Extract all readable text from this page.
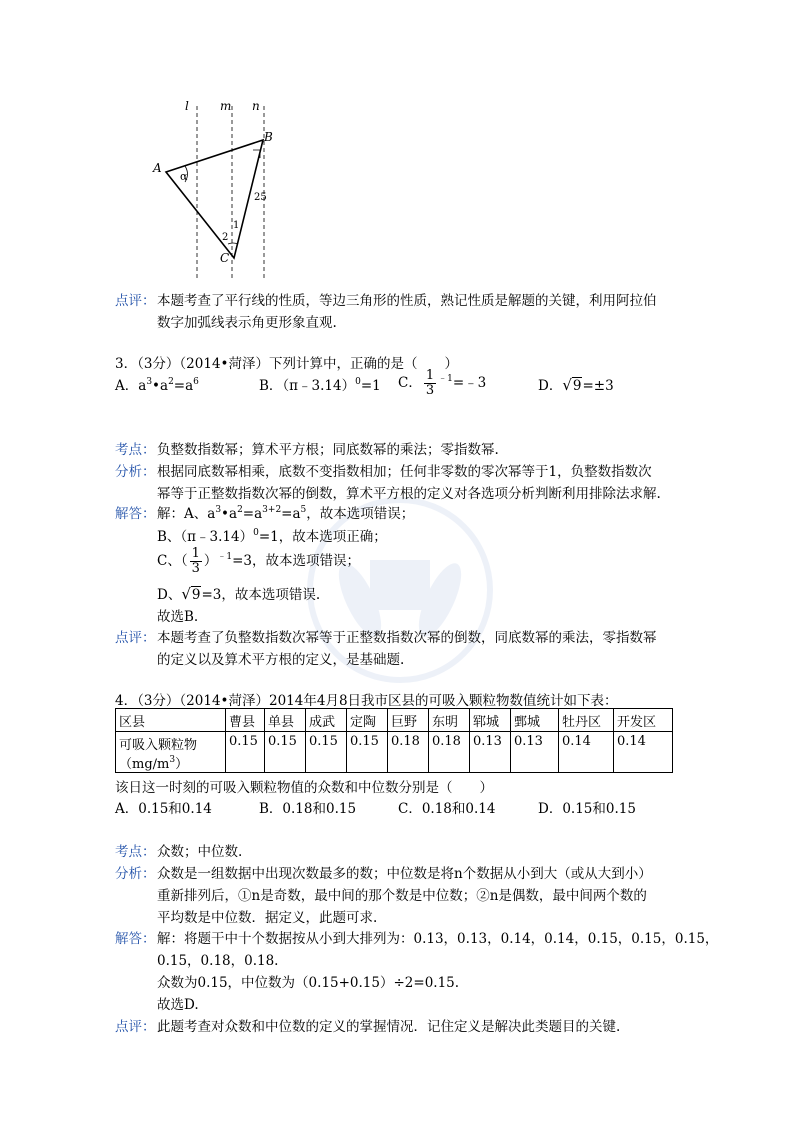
l	m n
A
B
C
α
2
1
25
点评： 本题考查了平行线的性质，等边三角形的性质，熟记性质是解题的关键，利用阿拉伯
数字加弧线表示角更形象直观.
3．（3分）（2014•菏泽）下列计算中，正确的是（　　）
A．$a^3•a^2=a^6$	B．（π﹣3.14）$^0$=1 C． $\frac{1}{3}$ $^{﹣1}$=﹣3	D．√9=±3
考点： 负整数指数幂；算术平方根；同底数幂的乘法；零指数幂.
分析： 根据同底数幂相乘，底数不变指数相加；任何非零数的零次幂等于1，负整数指数次
幂等于正整数指数次幂的倒数，算术平方根的定义对各选项分析判断利用排除法求解.
解答： 解：A、$a^3•a^2=a^{3+2}=a^5$，故本选项错误；
B、（π﹣3.14）$^0$=1，故本选项正确；
C、（ $\frac{1}{3} )^{﹣1}=3$，故本选项错误；
D、√9=3，故本选项错误.
故选B.
点评： 本题考查了负整数指数次幂等于正整数指数次幂的倒数，同底数幂的乘法，零指数幂
的定义以及算术平方根的定义，是基础题.
4．（3分）（2014•菏泽）2014年4月8日我市区县的可吸入颗粒物数值统计如下表：
区县	曹县	单县	成武	定陶	巨野	东明	郓城	鄄城	牡丹区	开发区

可吸入颗粒物
$(mg/m^3)$	0.15	0.15	0.15	0.15	0.18	0.18	0.13	0.13	0.14	0.14
该日这一时刻的可吸入颗粒物值的众数和中位数分别是（　　）
A．0.15和0.14	B．0.18和0.15	C．0.18和0.14	D．0.15和0.15
考点： 众数；中位数.
分析： 众数是一组数据中出现次数最多的数；中位数是将n个数据从小到大（或从大到小）
重新排列后，①n是奇数，最中间的那个数是中位数；②n是偶数，最中间两个数的
平均数是中位数．据定义，此题可求.
解答： 解：将题干中十个数据按从小到大排列为：0.13，0.13，0.14，0.14，0.15，0.15，0.15，
0.15，0.18，0.18.
众数为0.15，中位数为（0.15+0.15）÷2=0.15.
故选D.
点评： 此题考查对众数和中位数的定义的掌握情况．记住定义是解决此类题目的关键.
